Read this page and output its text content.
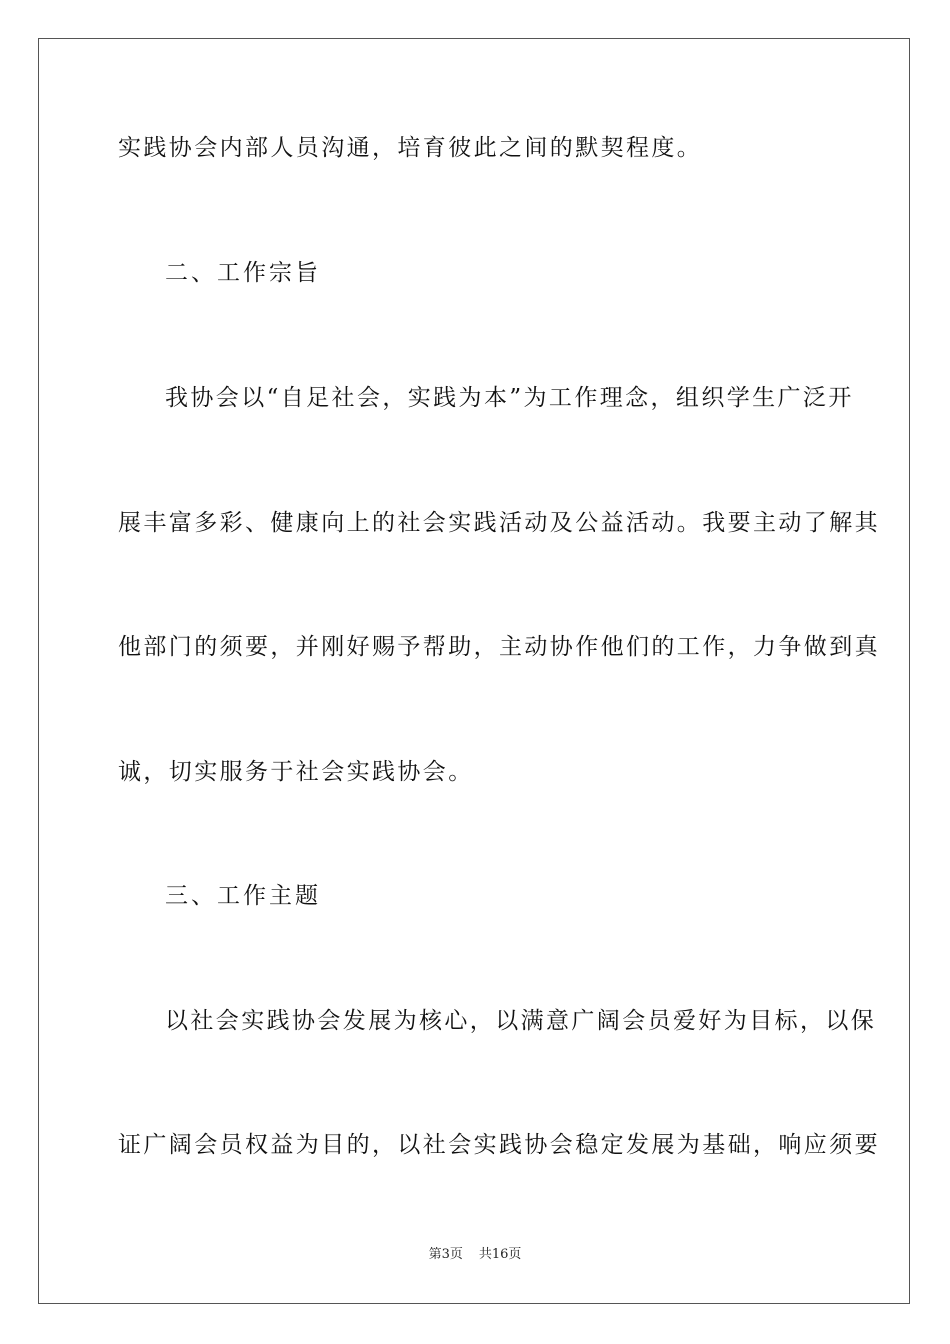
实践协会内部人员沟通，培育彼此之间的默契程度。
二、工作宗旨
我协会以“自足社会，实践为本”为工作理念，组织学生广泛开
展丰富多彩、健康向上的社会实践活动及公益活动。我要主动了解其
他部门的须要，并刚好赐予帮助，主动协作他们的工作，力争做到真
诚，切实服务于社会实践协会。
三、工作主题
以社会实践协会发展为核心，以满意广阔会员爱好为目标，以保
证广阔会员权益为目的，以社会实践协会稳定发展为基础，响应须要
第3页 共16页
